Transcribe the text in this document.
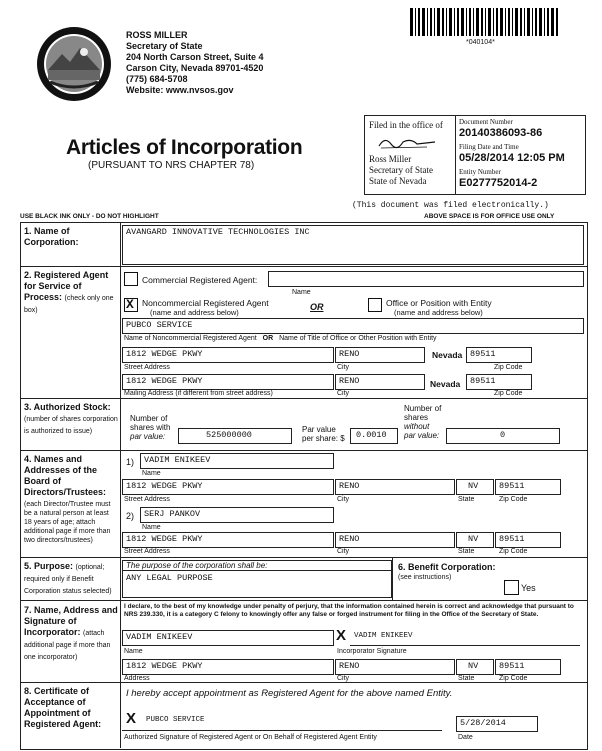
ROSS MILLER
Secretary of State
204 North Carson Street, Suite 4
Carson City, Nevada 89701-4520
(775) 684-5708
Website: www.nvsos.gov
*040104*
Articles of Incorporation
(PURSUANT TO NRS CHAPTER 78)
Filed in the office of
Ross Miller
Secretary of State
State of Nevada
Document Number
20140386093-86
Filing Date and Time
05/28/2014 12:05 PM
Entity Number
E0277752014-2
(This document was filed electronically.)
USE BLACK INK ONLY - DO NOT HIGHLIGHT	ABOVE SPACE IS FOR OFFICE USE ONLY
1. Name of Corporation:
AVANGARD INNOVATIVE TECHNOLOGIES INC
2. Registered Agent for Service of Process: (check only one box)
Commercial Registered Agent:
Name
X Noncommercial Registered Agent
(name and address below)
OR	Office or Position with Entity
(name and address below)
PUBCO SERVICE
Name of Noncommercial Registered Agent OR Name of Title of Office or Other Position with Entity
1812 WEDGE PKWY	RENO	Nevada 89511
Street Address	City	Zip Code
1812 WEDGE PKWY	RENO	Nevada 89511
Mailing Address (if different from street address)	City	Zip Code
3. Authorized Stock: (number of shares corporation is authorized to issue)
Number of
shares with
par value:	525000000
Par value
per share: $ 0.0010
Number of
shares
without
par value:	0
4. Names and Addresses of the Board of Directors/Trustees:
(each Director/Trustee must be a natural person at least 18 years of age; attach additional page if more than two directors/trustees)
1) VADIM ENIKEEV
Name
1812 WEDGE PKWY	RENO	NV 89511
Street Address	City	State	Zip Code
2) SERJ PANKOV
Name
1812 WEDGE PKWY	RENO	NV 89511
Street Address	City	State	Zip Code
5. Purpose: (optional; required only if Benefit Corporation status selected)
The purpose of the corporation shall be:
ANY LEGAL PURPOSE
6. Benefit Corporation:
(see instructions)
Yes
7. Name, Address and Signature of Incorporator: (attach additional page if more than one incorporator)
I declare, to the best of my knowledge under penalty of perjury, that the information contained herein is correct and acknowledge that pursuant to NRS 239.330, it is a category C felony to knowingly offer any false or forged instrument for filing in the Office of the Secretary of State.
VADIM ENIKEEV	X VADIM ENIKEEV
Name	Incorporator Signature
1812 WEDGE PKWY	RENO	NV 89511
Address	City	State	Zip Code
8. Certificate of Acceptance of Appointment of Registered Agent:
I hereby accept appointment as Registered Agent for the above named Entity.
X PUBCO SERVICE	5/28/2014
Authorized Signature of Registered Agent or On Behalf of Registered Agent Entity	Date
